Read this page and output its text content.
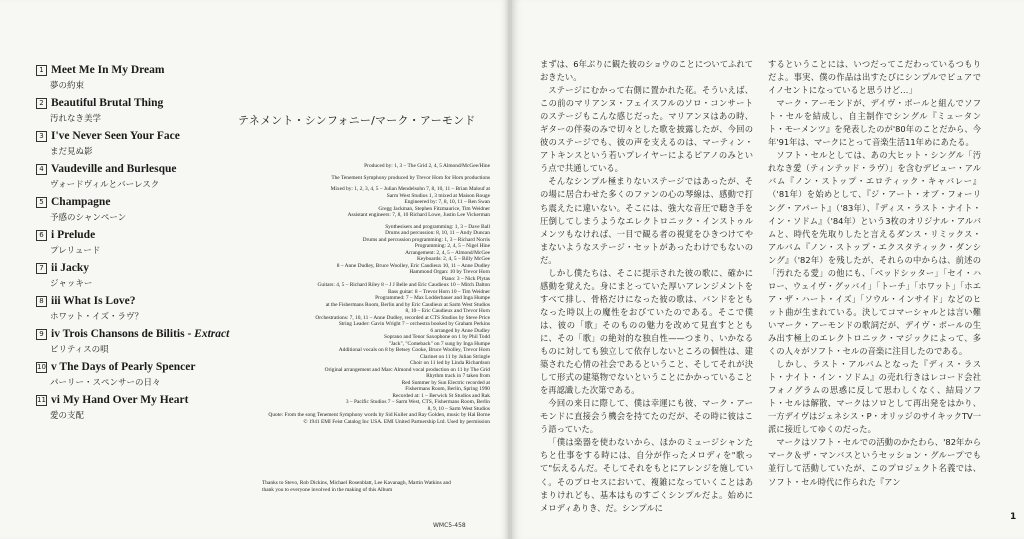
1 Meet Me In My Dream
夢の約束
2 Beautiful Brutal Thing
汚れなき美学
3 I've Never Seen Your Face
まだ見ぬ影
4 Vaudeville and Burlesque
ヴォードヴィルとバーレスク
5 Champagne
予感のシャンペーン
6 i Prelude
プレリュード
7 ii Jacky
ジャッキー
8 iii What Is Love?
ホワット・イズ・ラヴ？
9 iv Trois Chansons de Bilitis - Extract
ビリティスの唄
10 v The Days of Pearly Spencer
パーリー・スペンサーの日々
11 vi My Hand Over My Heart
愛の支配
テネメント・シンフォニー/マーク・アーモンド
Produced by: 1, 3 – The Grid 2, 4, 5 Almond/McGee/Hine
The Tenement Symphony produced by Trevor Horn for Horn productions
Mixed by: 1, 2, 3, 4, 5 – Julian Mendelsohn 7, 8, 10, 11 – Brian Malouf at
Sarm West Studios 1, 3 mixed at Maison Rouge
Engineered by: 7, 8, 10, 11 – Ren Swan
Gregg Jackman, Stephen Fitzmaurice, Tim Weidner
Assistant engineers: 7, 8, 10 Richard Lowe, Justin Lee Vickerman
Synthesisers and programming: 1, 3 – Dave Ball
Drums and percussion: 8, 10, 11 – Andy Duncan
Drums and percussion programming: 1, 3 – Richard Norris
Programming: 2, 4, 5 – Nigel Hine
Arrangement: 2, 4, 5 – Almond/McGee
Keyboards: 2, 4, 5 – Billy McGee
8 – Anne Dudley, Bruce Woolley, Eric Caudieux 10, 11 – Anne Dudley
Hammond Organ: 10 by Trevor Horn
Piano: 3 – Nick Plytas
Guitars: 4, 5 – Richard Riley 8 – J J Belle and Eric Caudieux 10 – Mitch Dalton
Bass guitar: 8 – Trevor Horn 10 – Tim Weidner
Programmed: 7 – Max Lodderbauer and Inga Humpe
at the Fishermans Room, Berlin and by Eric Caudieux at Sarm West Studios
8, 10 – Eric Caudieux and Trevor Horn
Orchestrations: 7, 10, 11 – Anne Dudley, recorded at CTS Studios by Steve Price
String Leader: Gavin Wright 7 – orchestra booked by Graham Perkins
6 arranged by Anne Dudley
Soprano and Tenor Saxophone on 1 by Phil Todd
"Jack", "Comeback" on 7 sung by Inga Humpe
Additional vocals on 8 by Betsey Cooke, Bruce Woolley, Trevor Horn
Clarinet on 11 by Julian Stringle
Choir on 11 led by Linda Richardson
Original arrangement and Marc Almond vocal production on 11 by The Grid
Rhythm track in 7 taken from
Red Summer by Sun Electric recorded at
Fishermans Room, Berlin, Spring 1990
Recorded at: 1 – Berwick St Studios and Rak
3 – Pacific Studios 7 – Sarm West, CTS, Fishermans Room, Berlin
8, 9, 10 – Sarm West Studios
Quote: From the song Tenement Symphony words by Sid Kuller and Ray Golden, music by Hal Borne
© 1941 EMI Feist Catalog Inc USA. EMI United Partnership Ltd. Used by permission
Thanks to Stevo, Rob Dickins, Michael Rosenblatt, Lee Kavanagh, Martin Watkins and
thank you to everyone involved in the making of this Album
WMC5-458

まずは、6年ぶりに観た彼のショウのことについてふれておきたい。

ステージにむかって右側に置かれた花。そういえば、この前のマリアンヌ・フェイスフルのソロ・コンサートのステージもこんな感じだった。マリアンヌはあの時、ギターの伴奏のみで切々とした歌を披露したが、今回の彼のステージでも、彼の声を支えるのは、マーティン・アトキンスという若いプレイヤーによるピアノのみという点で共通している。

そんなシンプル極まりないステージではあったが、その場に居合わせた多くのファンの心の琴線は、感動で打ち震えたに違いない。そこには、強大な音圧で聴き手を圧倒してしまうようなエレクトロニック・インストゥルメンツもなければ、一目で観る者の視覚をひきつけてやまないようなステージ・セットがあったわけでもないのだ。

しかし僕たちは、そこに提示された彼の歌に、確かに感動を覚えた。身にまとっていた厚いアレンジメントをすべて排し、骨格だけになった彼の歌は、バンドをともなった時以上の魔性をおびていたのである。そこで僕は、彼の「歌」そのものの魅力を改めて見直すとともに、その「歌」の絶対的な独自性——つまり、いかなるものに対しても独立して依存しないところの個性は、建築された心情の社会であるということ、そしてそれが決して形式の建築物でないということにかかっていることを再認識した次第である。

今回の来日に際して、僕は幸運にも彼、マーク・アーモンドに直接会う機会を持てたのだが、その時に彼はこう語っていた。

「僕は楽器を使わないから、ほかのミュージシャンたちと仕事をする時には、自分が作ったメロディを"歌って"伝えるんだ。そしてそれをもとにアレンジを施していく。そのプロセスにおいて、複雑になっていくことはあまりけれども、基本はものすごくシンプルだよ。始めにメロディありき、だ。シンプルに

するということには、いつだってこだわっているつもりだよ。事実、僕の作品は出すたびにシンプルでピュアでイノセントになっていると思うけど…」

マーク・アーモンドが、デイヴ・ボールと組んでソフト・セルを結成し、自主制作でシングル『ミュータント・モーメンツ』を発表したのが'80年のことだから、今年'91年は、マークにとって音楽生活11年めにあたる。

ソフト・セルとしては、あの大ヒット・シングル「汚れなき愛（ティンテッド・ラヴ）」を含むデビュー・アルバム『ノン・ストップ・エロティック・キャバレー』（'81年）を始めとして、『ジ・アート・オブ・フォーリング・アパート』（'83年）、『ディス・ラスト・ナイト・イン・ソドム』（'84年）という3枚のオリジナル・アルバムと、時代を先取りしたと言えるダンス・リミックス・アルバム『ノン・ストップ・エクスタティック・ダンシング』（'82年）を残したが、それらの中からは、前述の「汚れたる愛」の他にも、「ベッドシッター」「セイ・ハロー、ウェイヴ・グッバイ」「トーチ」「ホワット」「ホエア・ザ・ハート・イズ」「ソウル・インサイド」などのヒット曲が生まれている。決してコマーシャルとは言い難いマーク・アーモンドの歌詞だが、デイヴ・ボールの生み出す極上のエレクトロニック・マジックによって、多くの人々がソフト・セルの音楽に注目したのである。

しかし、ラスト・アルバムとなった『ディス・ラスト・ナイト・イン・ソドム』の売れ行きはレコード会社フォノグラムの思惑に反して思わしくなく、結局ソフト・セルは解散、マークはソロとして再出発をはかり、一方デイヴはジェネシス・P・オリッジのサイキックTV一派に接近してゆくのだった。

マークはソフト・セルでの活動のかたわら、'82年からマーク＆ザ・マンバスというセッション・グループでも並行して活動していたが、このプロジェクト名義では、ソフト・セル時代に作られた『アン

1
